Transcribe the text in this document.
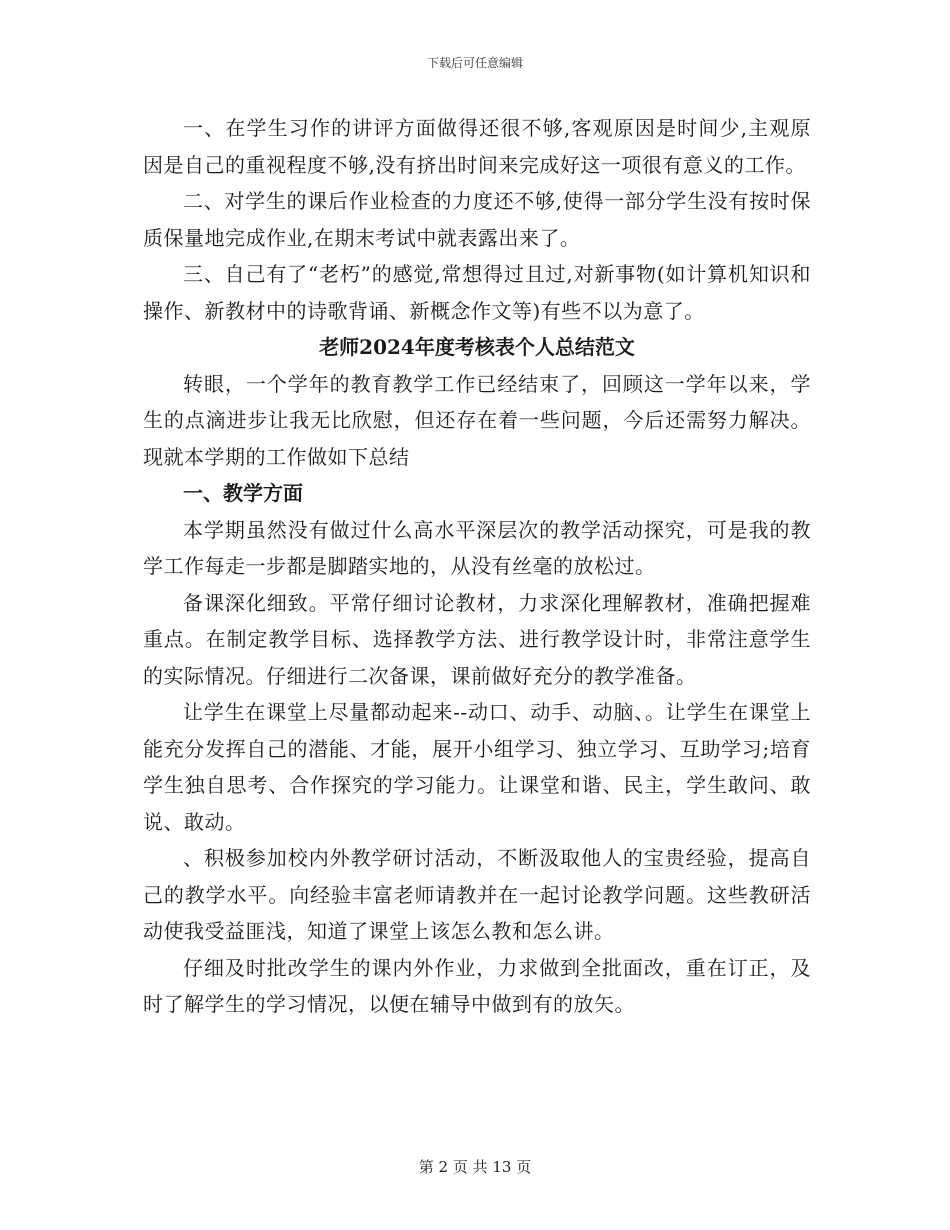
下载后可任意编辑

一、在学生习作的讲评方面做得还很不够,客观原因是时间少,主观原因是自己的重视程度不够,没有挤出时间来完成好这一项很有意义的工作。

二、对学生的课后作业检查的力度还不够,使得一部分学生没有按时保质保量地完成作业,在期末考试中就表露出来了。

三、自己有了“老朽”的感觉,常想得过且过,对新事物(如计算机知识和操作、新教材中的诗歌背诵、新概念作文等)有些不以为意了。

老师2024年度考核表个人总结范文

转眼，一个学年的教育教学工作已经结束了，回顾这一学年以来，学生的点滴进步让我无比欣慰，但还存在着一些问题，今后还需努力解决。现就本学期的工作做如下总结

一、教学方面

本学期虽然没有做过什么高水平深层次的教学活动探究，可是我的教学工作每走一步都是脚踏实地的，从没有丝毫的放松过。

备课深化细致。平常仔细讨论教材，力求深化理解教材，准确把握难重点。在制定教学目标、选择教学方法、进行教学设计时，非常注意学生的实际情况。仔细进行二次备课，课前做好充分的教学准备。

让学生在课堂上尽量都动起来--动口、动手、动脑、。让学生在课堂上能充分发挥自己的潜能、才能，展开小组学习、独立学习、互助学习;培育学生独自思考、合作探究的学习能力。让课堂和谐、民主，学生敢问、敢说、敢动。

、积极参加校内外教学研讨活动，不断汲取他人的宝贵经验，提高自己的教学水平。向经验丰富老师请教并在一起讨论教学问题。这些教研活动使我受益匪浅，知道了课堂上该怎么教和怎么讲。

仔细及时批改学生的课内外作业，力求做到全批面改，重在订正，及时了解学生的学习情况，以便在辅导中做到有的放矢。

第 2 页 共 13 页
